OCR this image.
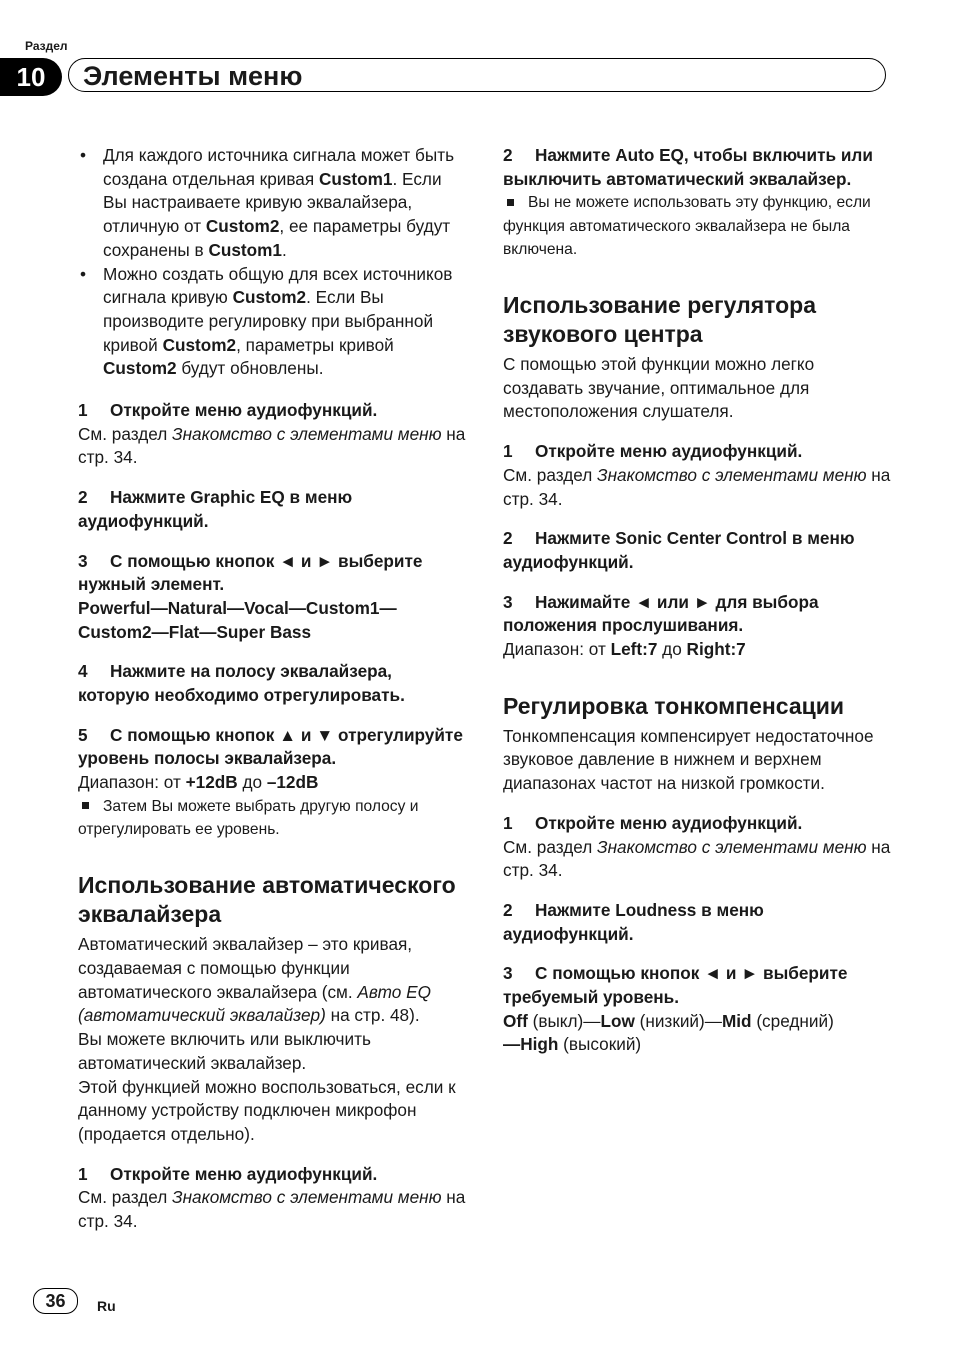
Раздел
10	Элементы меню
• Для каждого источника сигнала может быть создана отдельная кривая Custom1. Если Вы настраиваете кривую эквалайзера, отличную от Custom2, ее параметры будут сохранены в Custom1.
• Можно создать общую для всех источников сигнала кривую Custom2. Если Вы производите регулировку при выбранной кривой Custom2, параметры кривой Custom2 будут обновлены.

1 Откройте меню аудиофункций.

См. раздел Знакомство с элементами меню на стр. 34.

2 Нажмите Graphic EQ в меню аудиофункций.

3 С помощью кнопок ◄ и ► выберите нужный элемент.

Powerful—Natural—Vocal—Custom1—Custom2—Flat—Super Bass

4 Нажмите на полосу эквалайзера, которую необходимо отрегулировать.

5 С помощью кнопок ▲ и ▼ отрегулируйте уровень полосы эквалайзера.

Диапазон: от +12dB до –12dB

Затем Вы можете выбрать другую полосу и отрегулировать ее уровень.

Использование автоматического эквалайзера

Автоматический эквалайзер – это кривая, создаваемая с помощью функции автоматического эквалайзера (см. Авто EQ (автоматический эквалайзер) на стр. 48).

Вы можете включить или выключить автоматический эквалайзер.

Этой функцией можно воспользоваться, если к данному устройству подключен микрофон (продается отдельно).

1 Откройте меню аудиофункций.

См. раздел Знакомство с элементами меню на стр. 34.

2 Нажмите Auto EQ, чтобы включить или выключить автоматический эквалайзер.

Вы не можете использовать эту функцию, если функция автоматического эквалайзера не была включена.

Использование регулятора звукового центра

С помощью этой функции можно легко создавать звучание, оптимальное для местоположения слушателя.

1 Откройте меню аудиофункций.

См. раздел Знакомство с элементами меню на стр. 34.

2 Нажмите Sonic Center Control в меню аудиофункций.

3 Нажимайте ◄ или ► для выбора положения прослушивания.

Диапазон: от Left:7 до Right:7

Регулировка тонкомпенсации

Тонкомпенсация компенсирует недостаточное звуковое давление в нижнем и верхнем диапазонах частот на низкой громкости.

1 Откройте меню аудиофункций.

См. раздел Знакомство с элементами меню на стр. 34.

2 Нажмите Loudness в меню аудиофункций.

3 С помощью кнопок ◄ и ► выберите требуемый уровень.

Off (выкл)—Low (низкий)—Mid (средний)
—High (высокий)

36	Ru
